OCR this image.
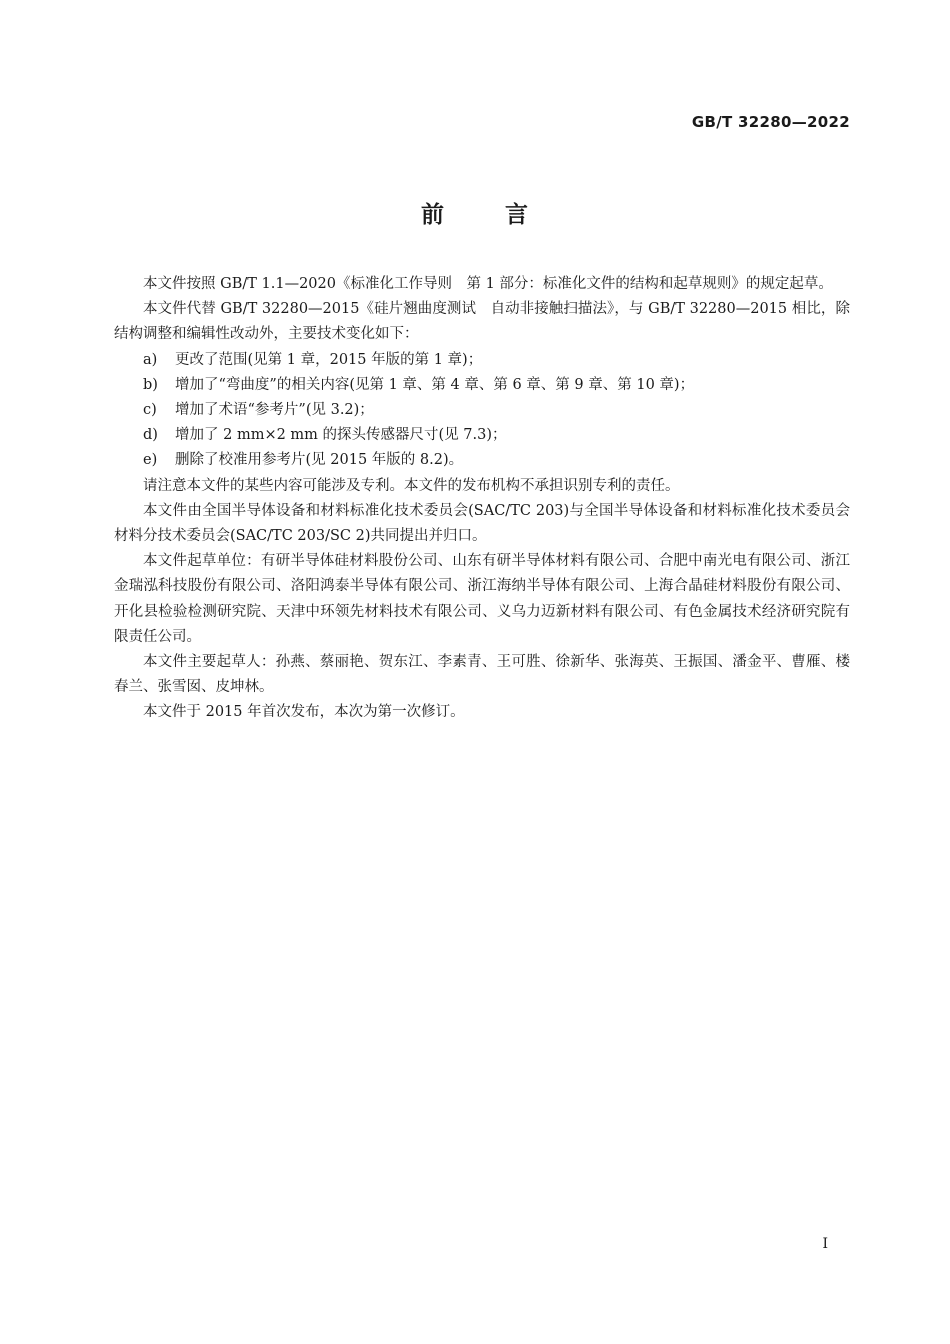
GB/T 32280—2022
前	言

本文件按照 GB/T 1.1—2020《标准化工作导则　第 1 部分：标准化文件的结构和起草规则》的规定起草。

本文件代替 GB/T 32280—2015《硅片翘曲度测试　自动非接触扫描法》，与 GB/T 32280—2015 相比，除结构调整和编辑性改动外，主要技术变化如下：

a) 更改了范围(见第 1 章，2015 年版的第 1 章)；

b) 增加了“弯曲度”的相关内容(见第 1 章、第 4 章、第 6 章、第 9 章、第 10 章)；

c) 增加了术语“参考片”(见 3.2)；

d) 增加了 2 mm×2 mm 的探头传感器尺寸(见 7.3)；

e) 删除了校准用参考片(见 2015 年版的 8.2)。

请注意本文件的某些内容可能涉及专利。本文件的发布机构不承担识别专利的责任。

本文件由全国半导体设备和材料标准化技术委员会(SAC/TC 203)与全国半导体设备和材料标准化技术委员会材料分技术委员会(SAC/TC 203/SC 2)共同提出并归口。

本文件起草单位：有研半导体硅材料股份公司、山东有研半导体材料有限公司、合肥中南光电有限公司、浙江金瑞泓科技股份有限公司、洛阳鸿泰半导体有限公司、浙江海纳半导体有限公司、上海合晶硅材料股份有限公司、开化县检验检测研究院、天津中环领先材料技术有限公司、义乌力迈新材料有限公司、有色金属技术经济研究院有限责任公司。

本文件主要起草人：孙燕、蔡丽艳、贺东江、李素青、王可胜、徐新华、张海英、王振国、潘金平、曹雁、楼春兰、张雪囡、皮坤林。

本文件于 2015 年首次发布，本次为第一次修订。

I
